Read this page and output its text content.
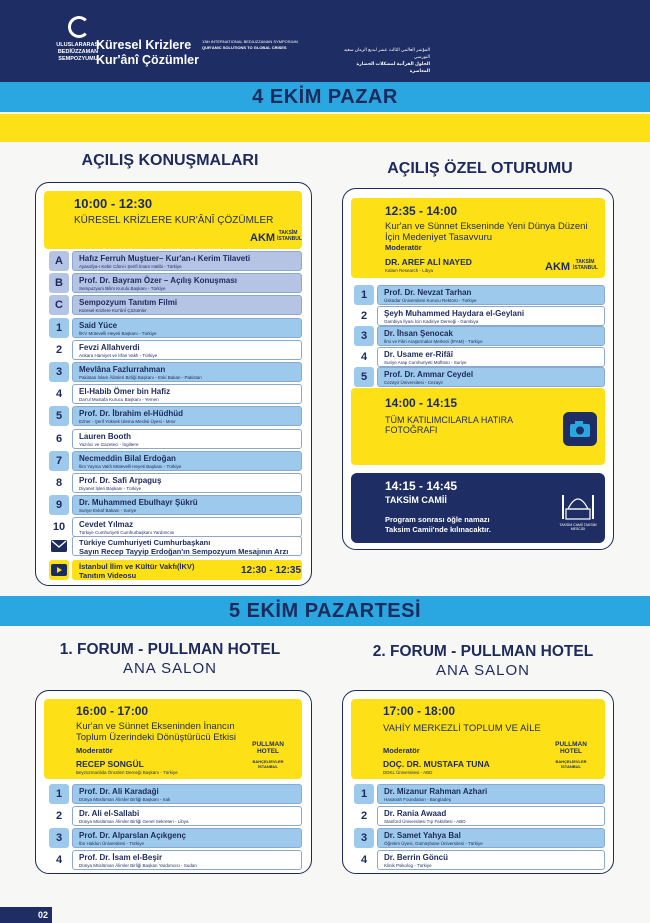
ULUSLARARASI BEDİÜZZAMAN SEMPOZYUMU
Küresel Krizlere
Kur'ânî Çözümler
13th INTERNATIONAL BEDIUZZAMAN SYMPOSIUM
QUR'ANIC SOLUTIONS TO GLOBAL CRISES	المؤتمر العالمي الثالث عشر لبديع الزمان سعيد النورسي
الحلول القرآنية لمشكلات الحضارة المعاصرة
4 EKİM PAZAR
AÇILIŞ KONUŞMALARI	AÇILIŞ ÖZEL OTURUMU
10:00 - 12:30
KÜRESEL KRİZLERE KUR'ÂNÎ ÇÖZÜMLER
AKM TAKSİM İSTANBUL
A	Hafız Ferruh Muştuer– Kur'an-ı Kerim Tilaveti
Ayasofya-ı Kebir Câmi-i Şerifi İmam Hatibi - Türkiye
B	Prof. Dr. Bayram Özer – Açılış Konuşması
Sempozyum Bilim Kurulu Başkanı - Türkiye
C	Sempozyum Tanıtım Filmi
Küresel Krizlere Kur'ânî Çözümler
1	Said Yüce
İlKV Mütevelli Heyeti Başkanı - Türkiye
2	Fevzi Allahverdi
Ankara Hamiyet ve İrfan Vakfı - Türkiye
3	Mevlâna Fazlurrahman
Pakistan İslam Âlimleri Birliği Başkanı - Eski Bakan - Pakistan
4	El-Habib Ömer bin Hafiz
Dar'ul Mustafa Kurucu Başkanı - Yemen
5	Prof. Dr. İbrahim el-Hüdhüd
Ezher - Şerif Yüksek Ulema Meclisi Üyesi - Mısır
6	Lauren Booth
Yazılıcı ve Gazeteci - İngiltere
7	Necmeddin Bilal Erdoğan
İlim Yayma Vakfı Mütevelli Heyeti Başkanı - Türkiye
8	Prof. Dr. Safi Arpaguş
Diyanet İşleri Başkanı - Türkiye
9	Dr. Muhammed Ebulhayr Şükrü
Suriye Evkaf Bakanı - Suriye
10	Cevdet Yılmaz
Türkiye Cumhuriyeti Cumhurbaşkanı Yardımcısı
Türkiye Cumhuriyeti Cumhurbaşkanı
Sayın Recep Tayyip Erdoğan'ın Sempozyum Mesajının Arzı
İstanbul İlim ve Kültür Vakfı(İKV)
Tanıtım Videosu	12:30 - 12:35
12:35 - 14:00
Kur'an ve Sünnet Ekseninde Yeni Dünya Düzeni İçin Medeniyet Tasavvuru
Moderatör
DR. AREF ALİ NAYED
Kalam Research - Libya	AKM	TAKSİM İSTANBUL
1	Prof. Dr. Nevzat Tarhan
Üsküdar Üniversitesi Kurucu Rektörü - Türkiye
2	Şeyh Muhammed Haydara el-Geylani
Gambiya İlyasi İcin Kadiriye Derneği - Gambiya
3	Dr. İhsan Şenocak
İlmi ve Fikri Araştırmalar Merkezi (İFAM) - Türkiye
4	Dr. Usame er-Rifâî
Suriye Arap Cumhuriyeti Müftüsü - Suriye
5	Prof. Dr. Ammar Ceydel
Cezayir Üniversitesi - Cezayir
14:00 - 14:15
TÜM KATILIMCILARLA HATIRA
FOTOĞRAFI
14:15 - 14:45
TAKSİM CAMİİ
Program sonrası öğle namazı
Taksim Camii'nde kılınacaktır.	TAKSİM CAMİİ TAKSİM MESCİDİ
5 EKİM PAZARTESİ
1. FORUM - PULLMAN HOTEL
ANA SALON
2. FORUM - PULLMAN HOTEL
ANA SALON
16:00 - 17:00
Kur'an ve Sünnet Ekseninden İnancın Toplum Üzerindeki Dönüştürücü Etkisi
Moderatör
RECEP SONGÜL
Beyzüzmanilda Öncüleri Derneği Başkanı - Türkiye
PULLMAN HOTEL
BAHÇELİEVLER İSTANBUL
1	Prof. Dr. Ali Karadaği
Dünya Müslüman Âlimler Birliği Başkanı - Irak
2	Dr. Ali el-Sallabi
Dünya Müslüman Âlimler Birliği Genel Sekreteri - Libya
3	Prof. Dr. Alparslan Açıkgenç
İbn Haldun Üniversitesi - Türkiye
4	Prof. Dr. İsam el-Beşir
Dünya Müslüman Âlimler Birliği Başkan Yardımcısı - Sudan
17:00 - 18:00
VAHİY MERKEZLİ TOPLUM VE AİLE
Moderatör
DOÇ. DR. MUSTAFA TUNA
DDKL Üniversitesi - ABD
PULLMAN HOTEL
BAHÇELİEVLER İSTANBUL
1	Dr. Mizanur Rahman Azhari
Hasanah Foundation - Bangladeş
2	Dr. Rania Awaad
Stanford Üniversitesi Tıp Fakültesi - ABD
3	Dr. Samet Yahya Bal
Öğretim Üyesi, Gümüşhane Üniversitesi - Türkiye
4	Dr. Berrin Göncü
Klinik Psikolog - Türkiye
02
